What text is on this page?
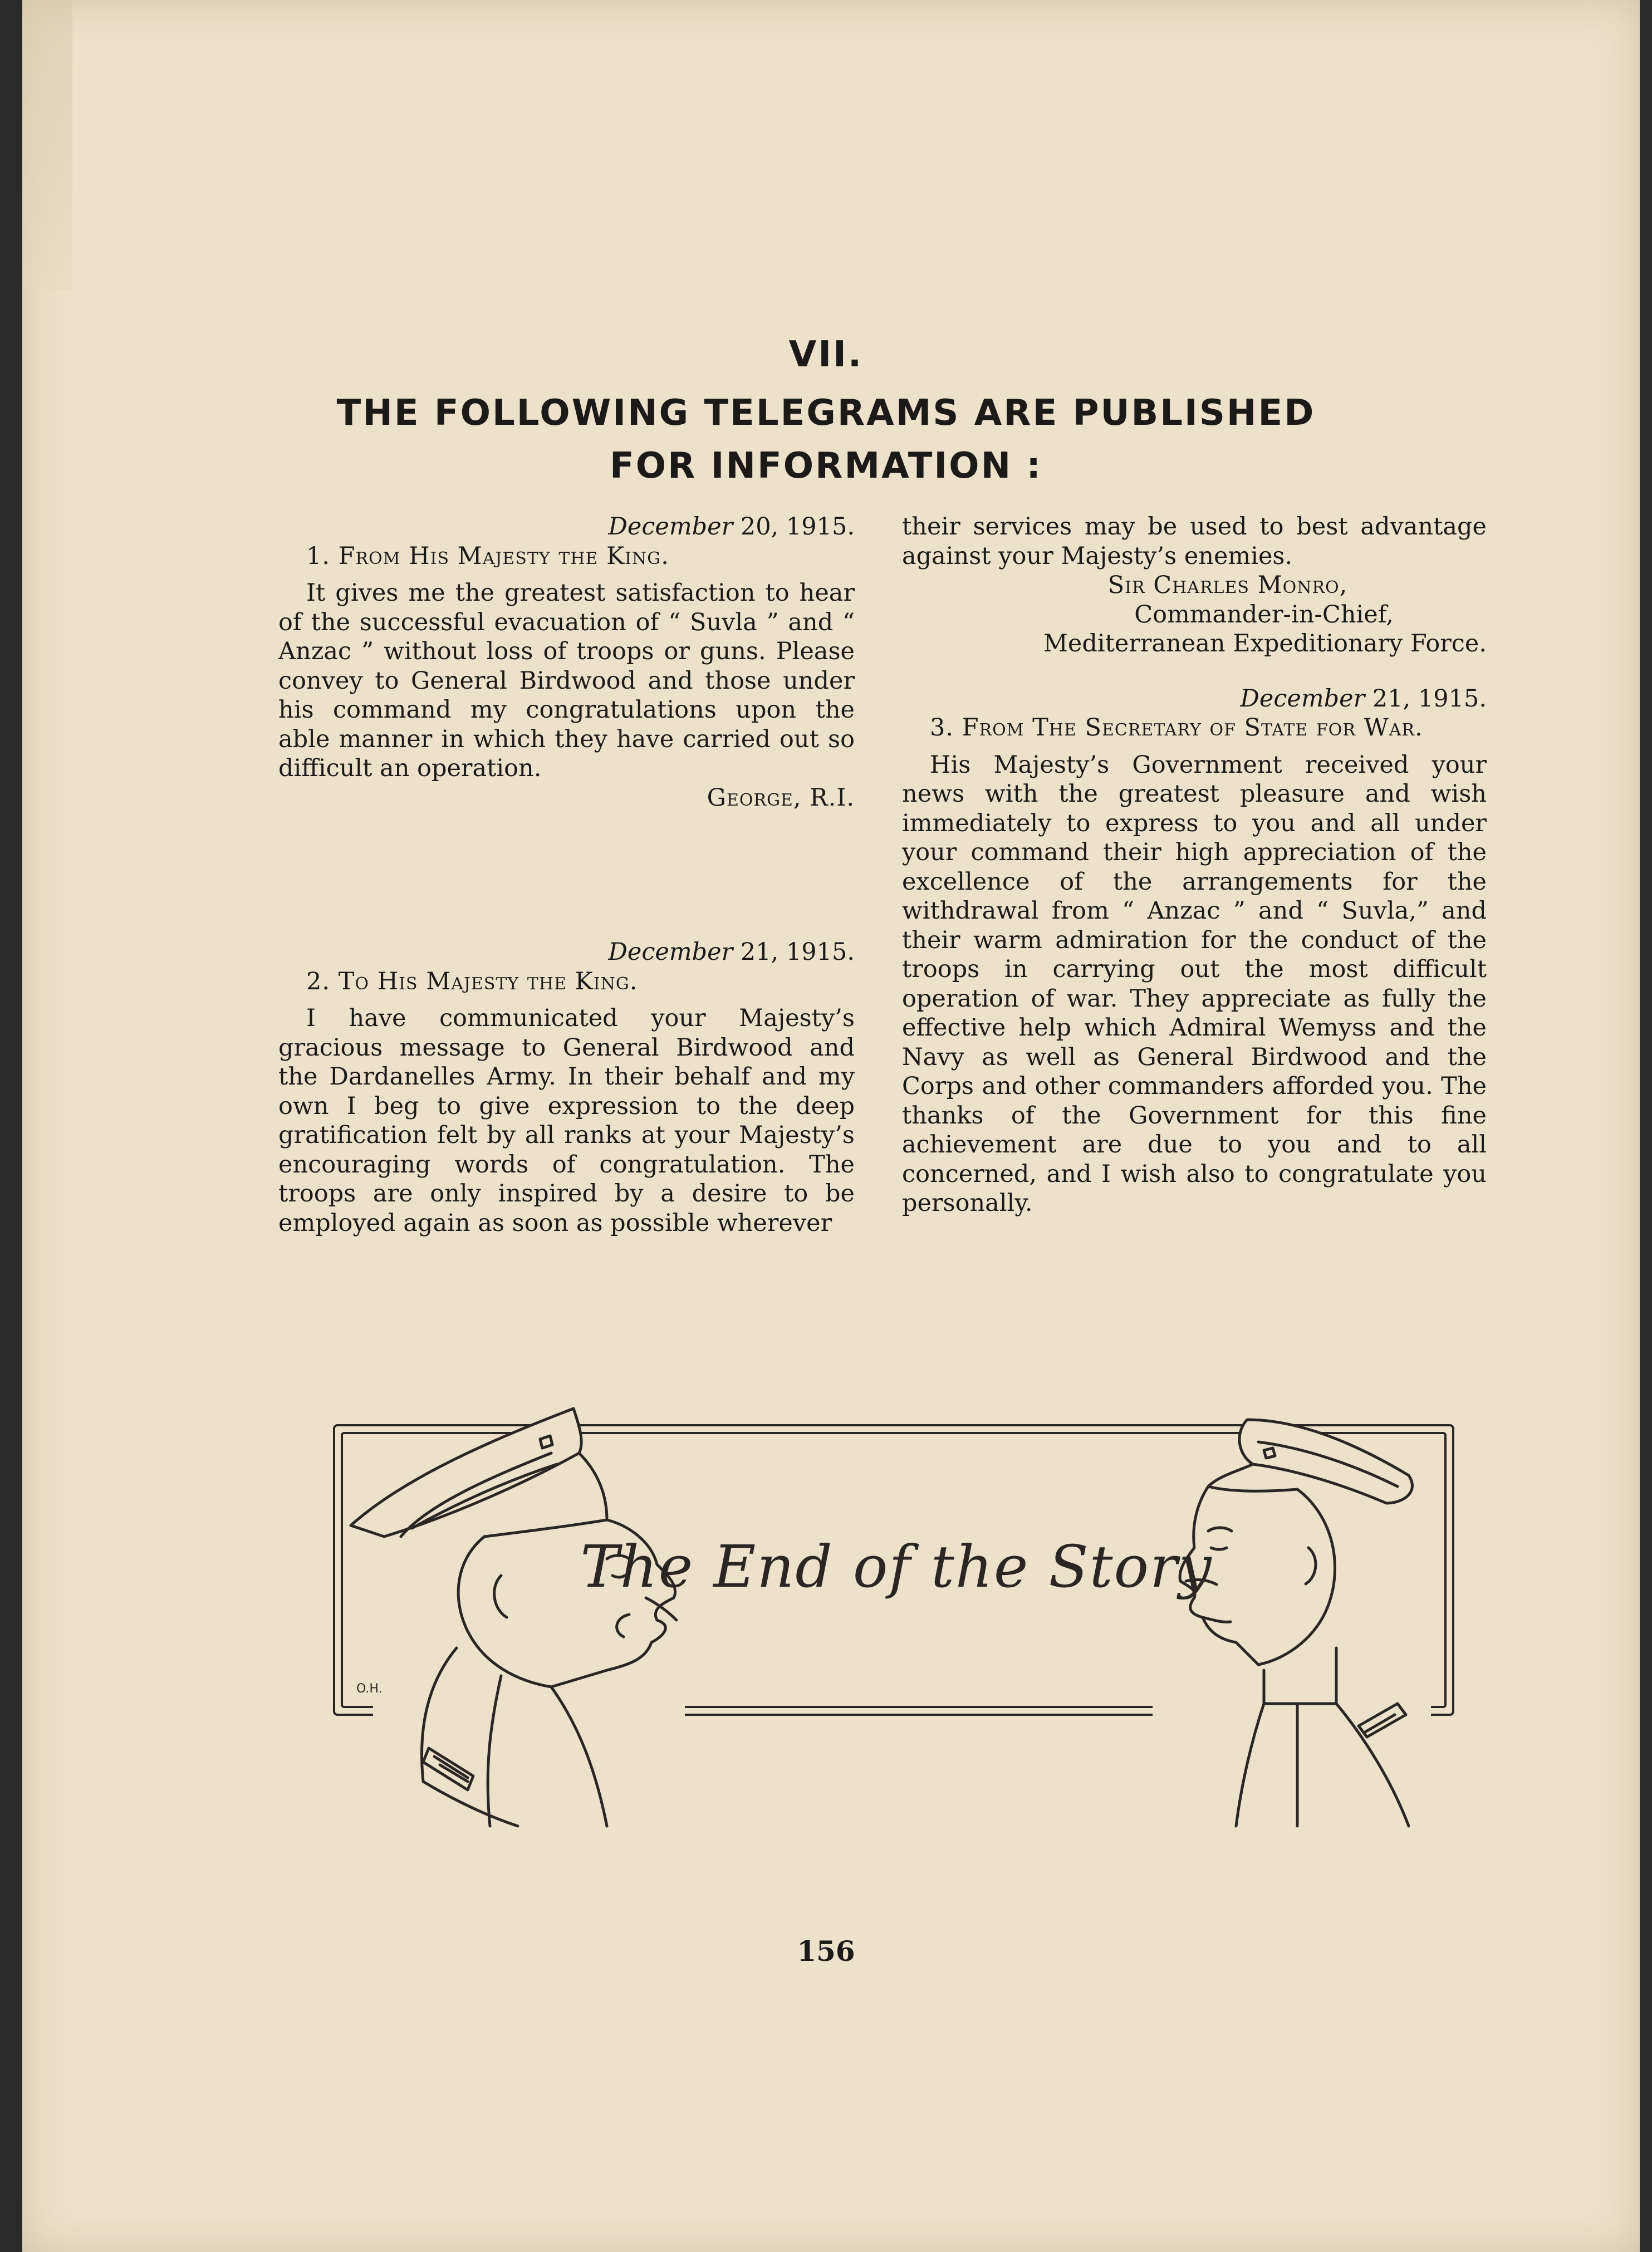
VII.
THE FOLLOWING TELEGRAMS ARE PUBLISHED
FOR INFORMATION :

December 20, 1915.

1. From His Majesty the King.

It gives me the greatest satisfaction to hear of the successful evacuation of “ Suvla ” and “ Anzac ” without loss of troops or guns. Please convey to General Birdwood and those under his command my congratulations upon the able manner in which they have carried out so difficult an operation.

George, R.I.

December 21, 1915.

2. To His Majesty the King.

I have communicated your Majesty’s gracious message to General Birdwood and the Dardanelles Army. In their behalf and my own I beg to give expression to the deep gratification felt by all ranks at your Majesty’s encouraging words of congratulation. The troops are only inspired by a desire to be employed again as soon as possible wherever

their services may be used to best advantage against your Majesty’s enemies.

Sir Charles Monro,

Commander-in-Chief,

Mediterranean Expeditionary Force.

December 21, 1915.

3. From The Secretary of State for War.

His Majesty’s Government received your news with the greatest pleasure and wish immediately to express to you and all under your command their high appreciation of the excellence of the arrangements for the withdrawal from “ Anzac ” and “ Suvla,” and their warm admiration for the conduct of the troops in carrying out the most difficult operation of war. They appreciate as fully the effective help which Admiral Wemyss and the Navy as well as General Birdwood and the Corps and other commanders afforded you. The thanks of the Government for this fine achievement are due to you and to all concerned, and I wish also to congratulate you personally.

The End of the Story
O.H.
156
